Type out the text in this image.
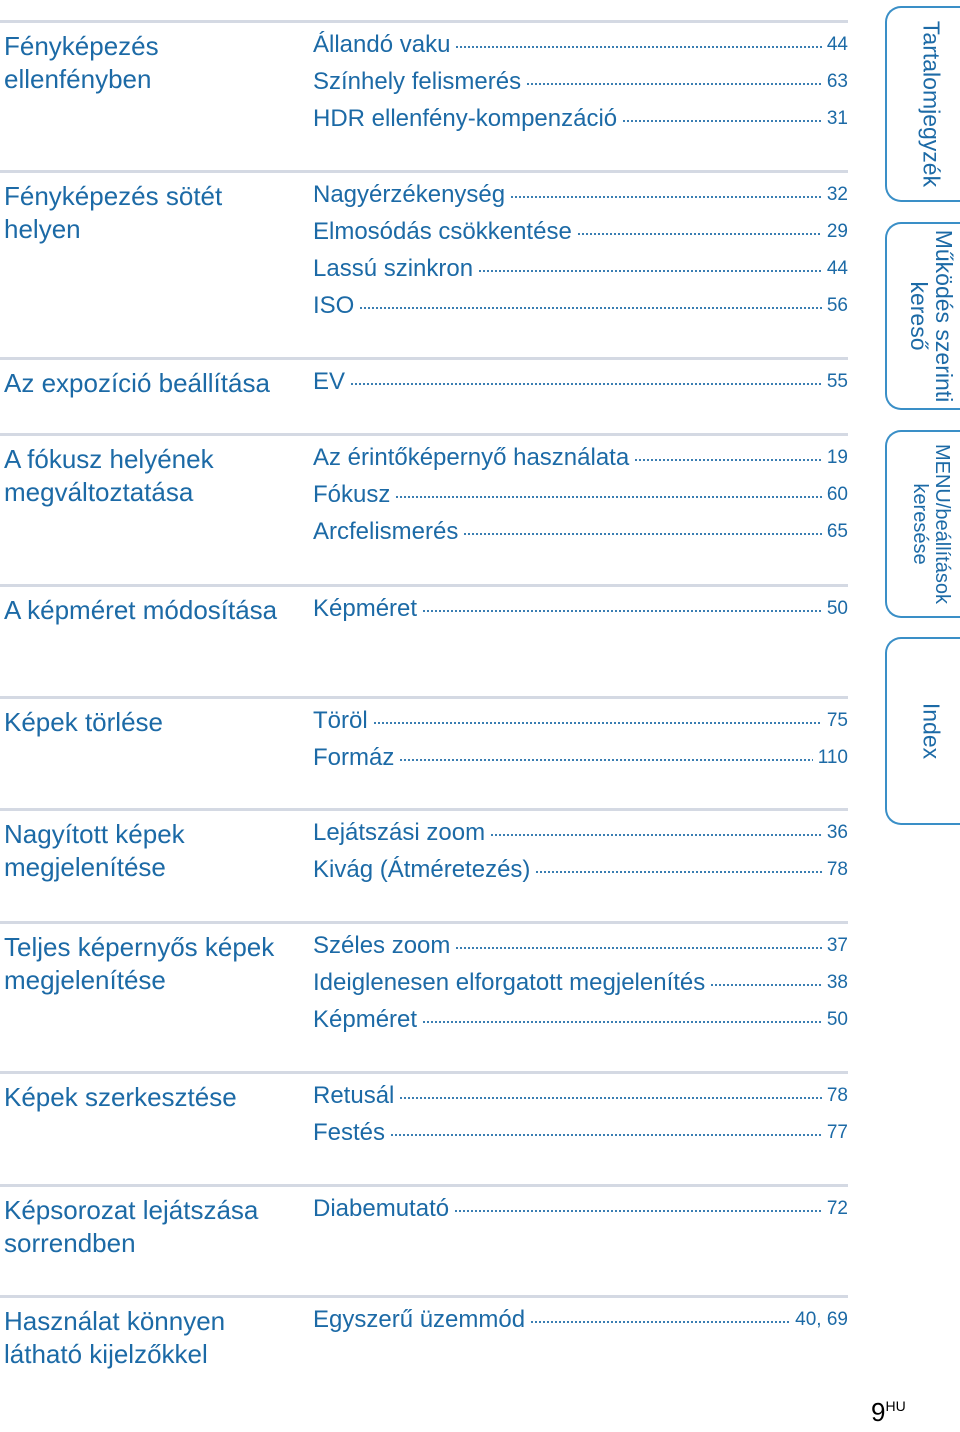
Fényképezés ellenfényben
Állandó vaku	44
Színhely felismerés	63
HDR ellenfény-kompenzáció	31
Fényképezés sötét helyen
Nagyérzékenység	32
Elmosódás csökkentése	29
Lassú szinkron	44
ISO	56
Az expozíció beállítása	EV	55
A fókusz helyének megváltoztatása
Az érintőképernyő használata	19
Fókusz	60
Arcfelismerés	65
A képméret módosítása	Képméret	50
Képek törlése	Töröl	75
Formáz	110
Nagyított képek megjelenítése
Lejátszási zoom	36
Kivág (Átméretezés)	78
Teljes képernyős képek megjelenítése
Széles zoom	37
Ideiglenesen elforgatott megjelenítés	38
Képméret	50
Képek szerkesztése	Retusál	78
Festés	77
Képsorozat lejátszása sorrendben
Diabemutató	72
Használat könnyen látható kijelzőkkel
Egyszerű üzemmód	40, 69
Tartalomjegyzék
Működés szerinti kereső
MENU/beállítások keresése
Index
$9^{HU}$
